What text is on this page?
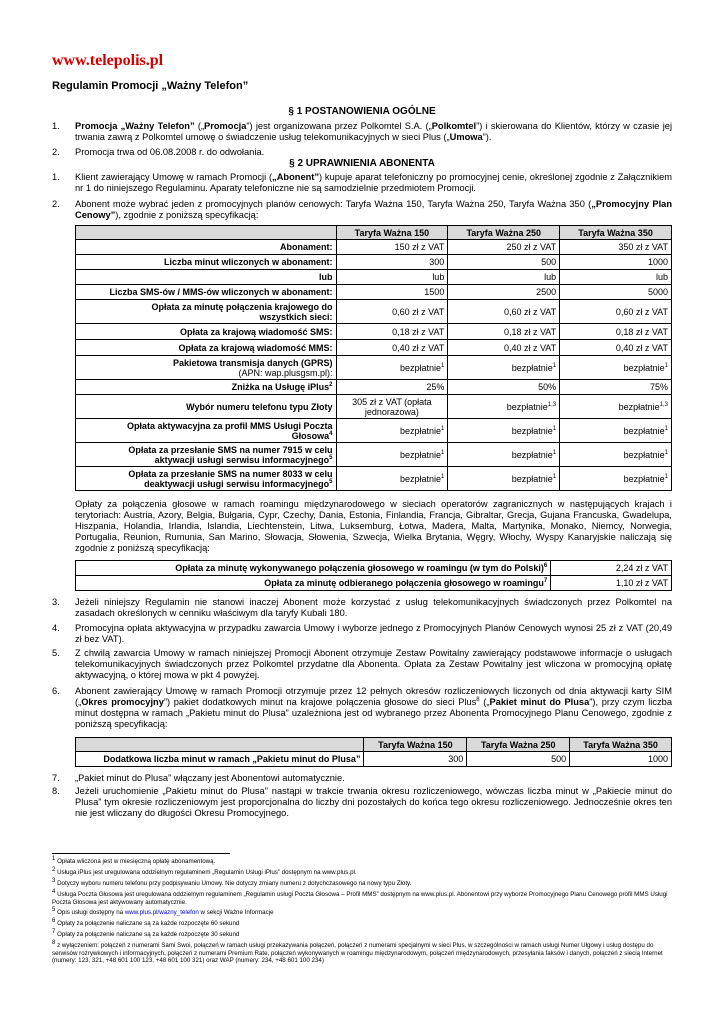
www.telepolis.pl
Regulamin Promocji „Ważny Telefon”
§ 1 POSTANOWIENIA OGÓLNE
1. Promocja „Ważny Telefon” („Promocja”) jest organizowana przez Polkomtel S.A. („Polkomtel”) i skierowana do Klientów, którzy w czasie jej trwania zawrą z Polkomtel umowę o świadczenie usług telekomunikacyjnych w sieci Plus („Umowa”).
2. Promocja trwa od 06.08.2008 r. do odwołania.
§ 2 UPRAWNIENIA ABONENTA
1. Klient zawierający Umowę w ramach Promocji („Abonent”) kupuje aparat telefoniczny po promocyjnej cenie, określonej zgodnie z Załącznikiem nr 1 do niniejszego Regulaminu. Aparaty telefoniczne nie są samodzielnie przedmiotem Promocji.
2. Abonent może wybrać jeden z promocyjnych planów cenowych: Taryfa Ważna 150, Taryfa Ważna 250, Taryfa Ważna 350 („Promocyjny Plan Cenowy”), zgodnie z poniższą specyfikacją:
	Taryfa Ważna 150	Taryfa Ważna 250	Taryfa Ważna 350
Abonament:	150 zł z VAT	250 zł z VAT	350 zł z VAT
Liczba minut wliczonych w abonament:	300	500	1000
lub	lub	lub	lub
Liczba SMS-ów / MMS-ów wliczonych w abonament:	1500	2500	5000
Opłata za minutę połączenia krajowego do wszystkich sieci:	0,60 zł z VAT	0,60 zł z VAT	0,60 zł z VAT
Opłata za krajową wiadomość SMS:	0,18 zł z VAT	0,18 zł z VAT	0,18 zł z VAT
Opłata za krajową wiadomość MMS:	0,40 zł z VAT	0,40 zł z VAT	0,40 zł z VAT
Pakietowa transmisja danych (GPRS)
(APN: wap.plusgsm.pl):	bezpłatnie$^1$	bezpłatnie$^1$	bezpłatnie$^1$
Zniżka na Usługę iPlus$^2$	25%	50%	75%
Wybór numeru telefonu typu Złoty	305 zł z VAT (opłata jednorazowa)	bezpłatnie$^{1,3}$	bezpłatnie$^{1,3}$
Opłata aktywacyjna za profil MMS Usługi Poczta Głosowa$^4$	bezpłatnie$^1$	bezpłatnie$^1$	bezpłatnie$^1$
Opłata za przesłanie SMS na numer 7915 w celu aktywacji usługi serwisu informacyjnego$^5$	bezpłatnie$^1$	bezpłatnie$^1$	bezpłatnie$^1$
Opłata za przesłanie SMS na numer 8033 w celu deaktywacji usługi serwisu informacyjnego$^5$	bezpłatnie$^1$	bezpłatnie$^1$	bezpłatnie$^1$
Opłaty za połączenia głosowe w ramach roamingu międzynarodowego w sieciach operatorów zagranicznych w następujących krajach i terytoriach: Austria, Azory, Belgia, Bułgaria, Cypr, Czechy, Dania, Estonia, Finlandia, Francja, Gibraltar, Grecja, Gujana Francuska, Gwadelupa, Hiszpania, Holandia, Irlandia, Islandia, Liechtenstein, Litwa, Luksemburg, Łotwa, Madera, Malta, Martynika, Monako, Niemcy, Norwegia, Portugalia, Reunion, Rumunia, San Marino, Słowacja, Słowenia, Szwecja, Wielka Brytania, Węgry, Włochy, Wyspy Kanaryjskie naliczają się zgodnie z poniższą specyfikacją:
Opłata za minutę wykonywanego połączenia głosowego w roamingu (w tym do Polski)$^6$	2,24 zł z VAT
Opłata za minutę odbieranego połączenia głosowego w roamingu$^7$	1,10 zł z VAT
3. Jeżeli niniejszy Regulamin nie stanowi inaczej Abonent może korzystać z usług telekomunikacyjnych świadczonych przez Polkomtel na zasadach określonych w cenniku właściwym dla taryfy Kubali 180.
4. Promocyjna opłata aktywacyjna w przypadku zawarcia Umowy i wyborze jednego z Promocyjnych Planów Cenowych wynosi 25 zł z VAT (20,49 zł bez VAT).
5. Z chwilą zawarcia Umowy w ramach niniejszej Promocji Abonent otrzymuje Zestaw Powitalny zawierający podstawowe informacje o usługach telekomunikacyjnych świadczonych przez Polkomtel przydatne dla Abonenta. Opłata za Zestaw Powitalny jest wliczona w promocyjną opłatę aktywacyjną, o której mowa w pkt 4 powyżej.
6. Abonent zawierający Umowę w ramach Promocji otrzymuje przez 12 pełnych okresów rozliczeniowych liczonych od dnia aktywacji karty SIM („Okres promocyjny”) pakiet dodatkowych minut na krajowe połączenia głosowe do sieci Plus$^8$ („Pakiet minut do Plusa”), przy czym liczba minut dostępna w ramach „Pakietu minut do Plusa” uzależniona jest od wybranego przez Abonenta Promocyjnego Planu Cenowego, zgodnie z poniższą specyfikacją:
	Taryfa Ważna 150	Taryfa Ważna 250	Taryfa Ważna 350
Dodatkowa liczba minut w ramach „Pakietu minut do Plusa”	300	500	1000
7. „Pakiet minut do Plusa” włączany jest Abonentowi automatycznie.
8. Jeżeli uruchomienie „Pakietu minut do Plusa” nastąpi w trakcie trwania okresu rozliczeniowego, wówczas liczba minut w „Pakiecie minut do Plusa” tym okresie rozliczeniowym jest proporcjonalna do liczby dni pozostałych do końca tego okresu rozliczeniowego. Jednocześnie okres ten nie jest wliczany do długości Okresu Promocyjnego.
$^1$ Opłata wliczona jest w miesięczną opłatę abonamentową.
$^2$ Usługa iPlus jest uregulowana oddzielnym regulaminem „Regulamin Usługi iPlus” dostępnym na www.plus.pl.
$^3$ Dotyczy wyboru numeru telefonu przy podpisywaniu Umowy. Nie dotyczy zmiany numeru z dotychczasowego na nowy typu Złoty.
$^4$ Usługa Poczta Głosowa jest uregulowana oddzielnym regulaminem „Regulamin usługi Poczta Głosowa – Profil MMS” dostępnym na www.plus.pl. Abonentowi przy wyborze Promocyjnego Planu Cenowego profil MMS Usługi Poczta Głosowa jest aktywowany automatycznie.
$^5$ Opis usługi dostępny na www.plus.pl/wazny_telefon w sekcji Ważne Informacje
$^6$ Opłaty za połączenie naliczane są za każde rozpoczęte 60 sekund
$^7$ Opłaty za połączenie naliczane są za każde rozpoczęte 30 sekund
$^8$ z wyłączeniem: połączeń z numerami Sami Swoi, połączeń w ramach usługi przekazywania połączeń, połączeń z numerami specjalnymi w sieci Plus, w szczególności w ramach usługi Numer Ułgowy i usług dostępu do serwisów rozrywkowych i informacyjnych, połączeń z numerami Premium Rate, połączeń wykonywanych w roamingu międzynarodowym, połączeń międzynarodowych, przesyłania faksów i danych, połączeń z siecią Internet (numery: 123, 321, +48 601 100 123, +48 601 100 321) oraz WAP (numery: 234, +48 601 100 234)
